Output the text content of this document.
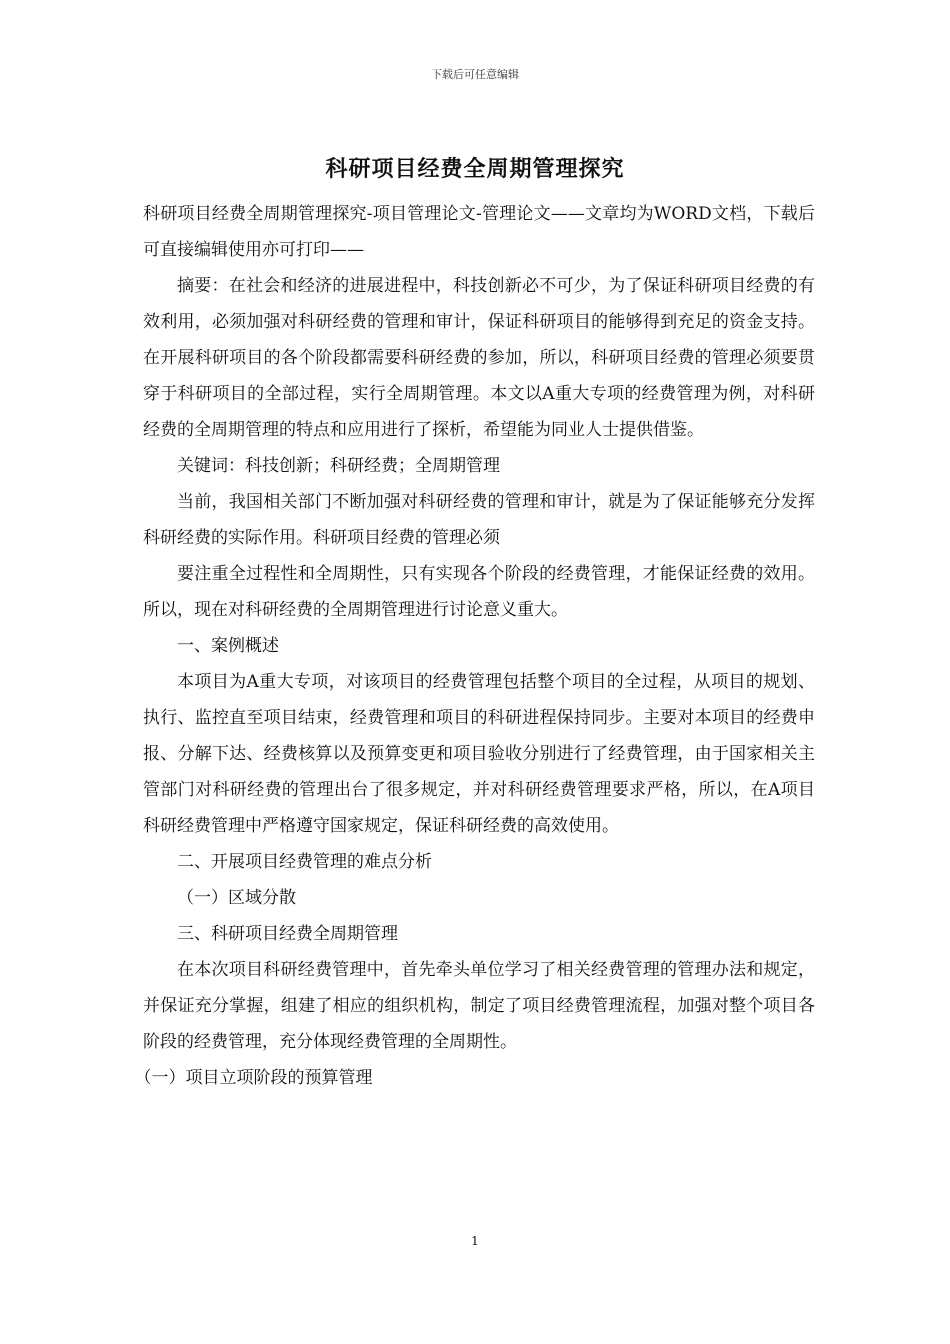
下载后可任意编辑
科研项目经费全周期管理探究

科研项目经费全周期管理探究-项目管理论文-管理论文——文章均为WORD文档，下载后可直接编辑使用亦可打印——

摘要：在社会和经济的进展进程中，科技创新必不可少，为了保证科研项目经费的有效利用，必须加强对科研经费的管理和审计，保证科研项目的能够得到充足的资金支持。在开展科研项目的各个阶段都需要科研经费的参加，所以，科研项目经费的管理必须要贯穿于科研项目的全部过程，实行全周期管理。本文以A重大专项的经费管理为例，对科研经费的全周期管理的特点和应用进行了探析，希望能为同业人士提供借鉴。

关键词：科技创新；科研经费；全周期管理

当前，我国相关部门不断加强对科研经费的管理和审计，就是为了保证能够充分发挥科研经费的实际作用。科研项目经费的管理必须

要注重全过程性和全周期性，只有实现各个阶段的经费管理，才能保证经费的效用。所以，现在对科研经费的全周期管理进行讨论意义重大。

一、案例概述

本项目为A重大专项，对该项目的经费管理包括整个项目的全过程，从项目的规划、执行、监控直至项目结束，经费管理和项目的科研进程保持同步。主要对本项目的经费申报、分解下达、经费核算以及预算变更和项目验收分别进行了经费管理，由于国家相关主管部门对科研经费的管理出台了很多规定，并对科研经费管理要求严格，所以，在A项目科研经费管理中严格遵守国家规定，保证科研经费的高效使用。

二、开展项目经费管理的难点分析

（一）区域分散

三、科研项目经费全周期管理

在本次项目科研经费管理中，首先牵头单位学习了相关经费管理的管理办法和规定，并保证充分掌握，组建了相应的组织机构，制定了项目经费管理流程，加强对整个项目各阶段的经费管理，充分体现经费管理的全周期性。

（一）项目立项阶段的预算管理

1
